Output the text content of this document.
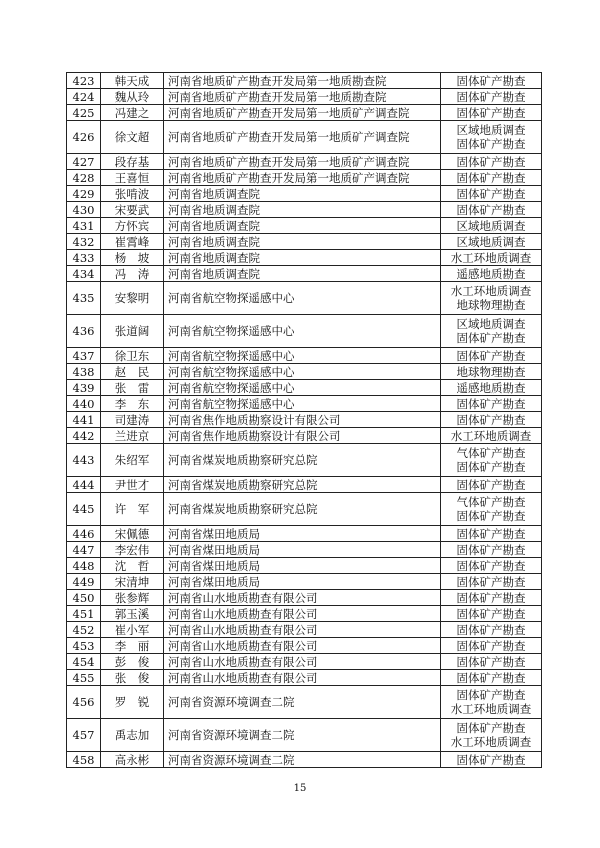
423	韩天成	河南省地质矿产勘查开发局第一地质勘查院	固体矿产勘查

424	魏从玲	河南省地质矿产勘查开发局第一地质勘查院	固体矿产勘查

425	冯建之	河南省地质矿产勘查开发局第一地质矿产调查院	固体矿产勘查

426	徐文超	河南省地质矿产勘查开发局第一地质矿产调查院	区域地质调查
固体矿产勘查

427	段存基	河南省地质矿产勘查开发局第一地质矿产调查院	固体矿产勘查

428	王喜恒	河南省地质矿产勘查开发局第一地质矿产调查院	固体矿产勘查

429	张啃波	河南省地质调查院	固体矿产勘查

430	宋要武	河南省地质调查院	固体矿产勘查

431	方怀宾	河南省地质调查院	区域地质调查

432	崔霄峰	河南省地质调查院	区域地质调查

433	杨　坡	河南省地质调查院	水工环地质调查

434	冯　涛	河南省地质调查院	遥感地质勘查

435	安黎明	河南省航空物探遥感中心	水工环地质调查
地球物理勘查

436	张道阔	河南省航空物探遥感中心	区域地质调查
固体矿产勘查

437	徐卫东	河南省航空物探遥感中心	固体矿产勘查

438	赵　民	河南省航空物探遥感中心	地球物理勘查

439	张　雷	河南省航空物探遥感中心	遥感地质勘查

440	李　东	河南省航空物探遥感中心	固体矿产勘查

441	司建涛	河南省焦作地质勘察设计有限公司	固体矿产勘查

442	兰进京	河南省焦作地质勘察设计有限公司	水工环地质调查

443	朱绍军	河南省煤炭地质勘察研究总院	气体矿产勘查
固体矿产勘查

444	尹世才	河南省煤炭地质勘察研究总院	固体矿产勘查

445	许　军	河南省煤炭地质勘察研究总院	气体矿产勘查
固体矿产勘查

446	宋佩德	河南省煤田地质局	固体矿产勘查

447	李宏伟	河南省煤田地质局	固体矿产勘查

448	沈　哲	河南省煤田地质局	固体矿产勘查

449	宋清坤	河南省煤田地质局	固体矿产勘查

450	张参辉	河南省山水地质勘查有限公司	固体矿产勘查

451	郭玉溪	河南省山水地质勘查有限公司	固体矿产勘查

452	崔小军	河南省山水地质勘查有限公司	固体矿产勘查

453	李　丽	河南省山水地质勘查有限公司	固体矿产勘查

454	彭　俊	河南省山水地质勘查有限公司	固体矿产勘查

455	张　俊	河南省山水地质勘查有限公司	固体矿产勘查

456	罗　锐	河南省资源环境调查二院	固体矿产勘查
水工环地质调查

457	禹志加	河南省资源环境调查二院	固体矿产勘查
水工环地质调查

458	高永彬	河南省资源环境调查二院	固体矿产勘查
15
